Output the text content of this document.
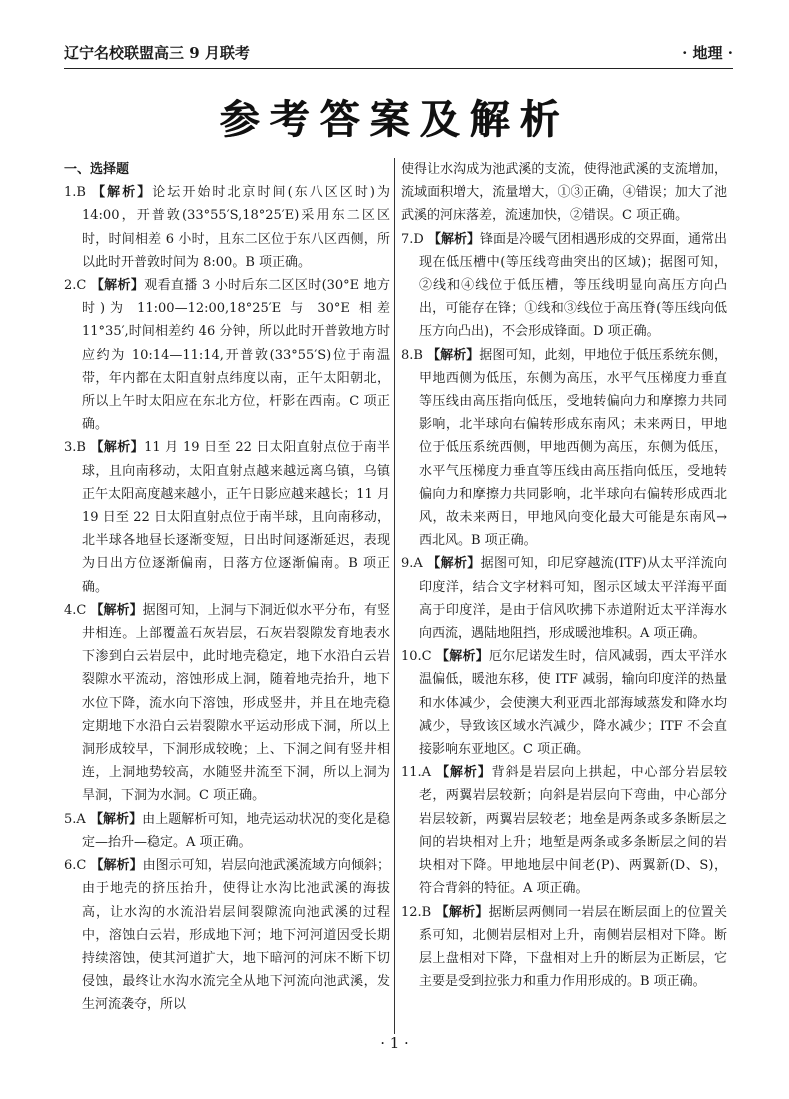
辽宁名校联盟高三 9 月联考	· 地理 ·
参考答案及解析
一、选择题

1.B 【解析】论坛开始时北京时间(东八区区时)为 14:00，开普敦(33°55′S,18°25′E)采用东二区区时，时间相差 6 小时，且东二区位于东八区西侧，所以此时开普敦时间为 8:00。B 项正确。

2.C 【解析】观看直播 3 小时后东二区区时(30°E 地方时)为 11:00—12:00,18°25′E 与 30°E 相差 11°35′,时间相差约 46 分钟，所以此时开普敦地方时应约为 10:14—11:14,开普敦(33°55′S)位于南温带，年内都在太阳直射点纬度以南，正午太阳朝北，所以上午时太阳应在东北方位，杆影在西南。C 项正确。

3.B 【解析】11 月 19 日至 22 日太阳直射点位于南半球，且向南移动，太阳直射点越来越远离乌镇，乌镇正午太阳高度越来越小，正午日影应越来越长；11 月 19 日至 22 日太阳直射点位于南半球，且向南移动，北半球各地昼长逐渐变短，日出时间逐渐延迟，表现为日出方位逐渐偏南，日落方位逐渐偏南。B 项正确。

4.C 【解析】据图可知，上洞与下洞近似水平分布，有竖井相连。上部覆盖石灰岩层，石灰岩裂隙发育地表水下渗到白云岩层中，此时地壳稳定，地下水沿白云岩裂隙水平流动，溶蚀形成上洞，随着地壳抬升，地下水位下降，流水向下溶蚀，形成竖井，并且在地壳稳定期地下水沿白云岩裂隙水平运动形成下洞，所以上洞形成较早，下洞形成较晚；上、下洞之间有竖井相连，上洞地势较高，水随竖井流至下洞，所以上洞为旱洞，下洞为水洞。C 项正确。

5.A 【解析】由上题解析可知，地壳运动状况的变化是稳定—抬升—稳定。A 项正确。

6.C 【解析】由图示可知，岩层向池武溪流域方向倾斜；由于地壳的挤压抬升，使得让水沟比池武溪的海拔高，让水沟的水流沿岩层间裂隙流向池武溪的过程中，溶蚀白云岩，形成地下河；地下河河道因受长期持续溶蚀，使其河道扩大，地下暗河的河床不断下切侵蚀，最终让水沟水流完全从地下河流向池武溪，发生河流袭夺，所以

使得让水沟成为池武溪的支流，使得池武溪的支流增加，流域面积增大，流量增大，①③正确，④错误；加大了池武溪的河床落差，流速加快，②错误。C 项正确。

7.D 【解析】锋面是冷暖气团相遇形成的交界面，通常出现在低压槽中(等压线弯曲突出的区域)；据图可知，②线和④线位于低压槽，等压线明显向高压方向凸出，可能存在锋；①线和③线位于高压脊(等压线向低压方向凸出)，不会形成锋面。D 项正确。

8.B 【解析】据图可知，此刻，甲地位于低压系统东侧，甲地西侧为低压，东侧为高压，水平气压梯度力垂直等压线由高压指向低压，受地转偏向力和摩擦力共同影响，北半球向右偏转形成东南风；未来两日，甲地位于低压系统西侧，甲地西侧为高压，东侧为低压，水平气压梯度力垂直等压线由高压指向低压，受地转偏向力和摩擦力共同影响，北半球向右偏转形成西北风，故未来两日，甲地风向变化最大可能是东南风→西北风。B 项正确。

9.A 【解析】据图可知，印尼穿越流(ITF)从太平洋流向印度洋，结合文字材料可知，图示区域太平洋海平面高于印度洋，是由于信风吹拂下赤道附近太平洋海水向西流，遇陆地阻挡，形成暖池堆积。A 项正确。

10.C 【解析】厄尔尼诺发生时，信风减弱，西太平洋水温偏低，暖池东移，使 ITF 减弱，输向印度洋的热量和水体减少，会使澳大利亚西北部海域蒸发和降水均减少，导致该区域水汽减少，降水减少；ITF 不会直接影响东亚地区。C 项正确。

11.A 【解析】背斜是岩层向上拱起，中心部分岩层较老，两翼岩层较新；向斜是岩层向下弯曲，中心部分岩层较新，两翼岩层较老；地垒是两条或多条断层之间的岩块相对上升；地堑是两条或多条断层之间的岩块相对下降。甲地地层中间老(P)、两翼新(D、S)，符合背斜的特征。A 项正确。

12.B 【解析】据断层两侧同一岩层在断层面上的位置关系可知，北侧岩层相对上升，南侧岩层相对下降。断层上盘相对下降，下盘相对上升的断层为正断层，它主要是受到拉张力和重力作用形成的。B 项正确。

· 1 ·
